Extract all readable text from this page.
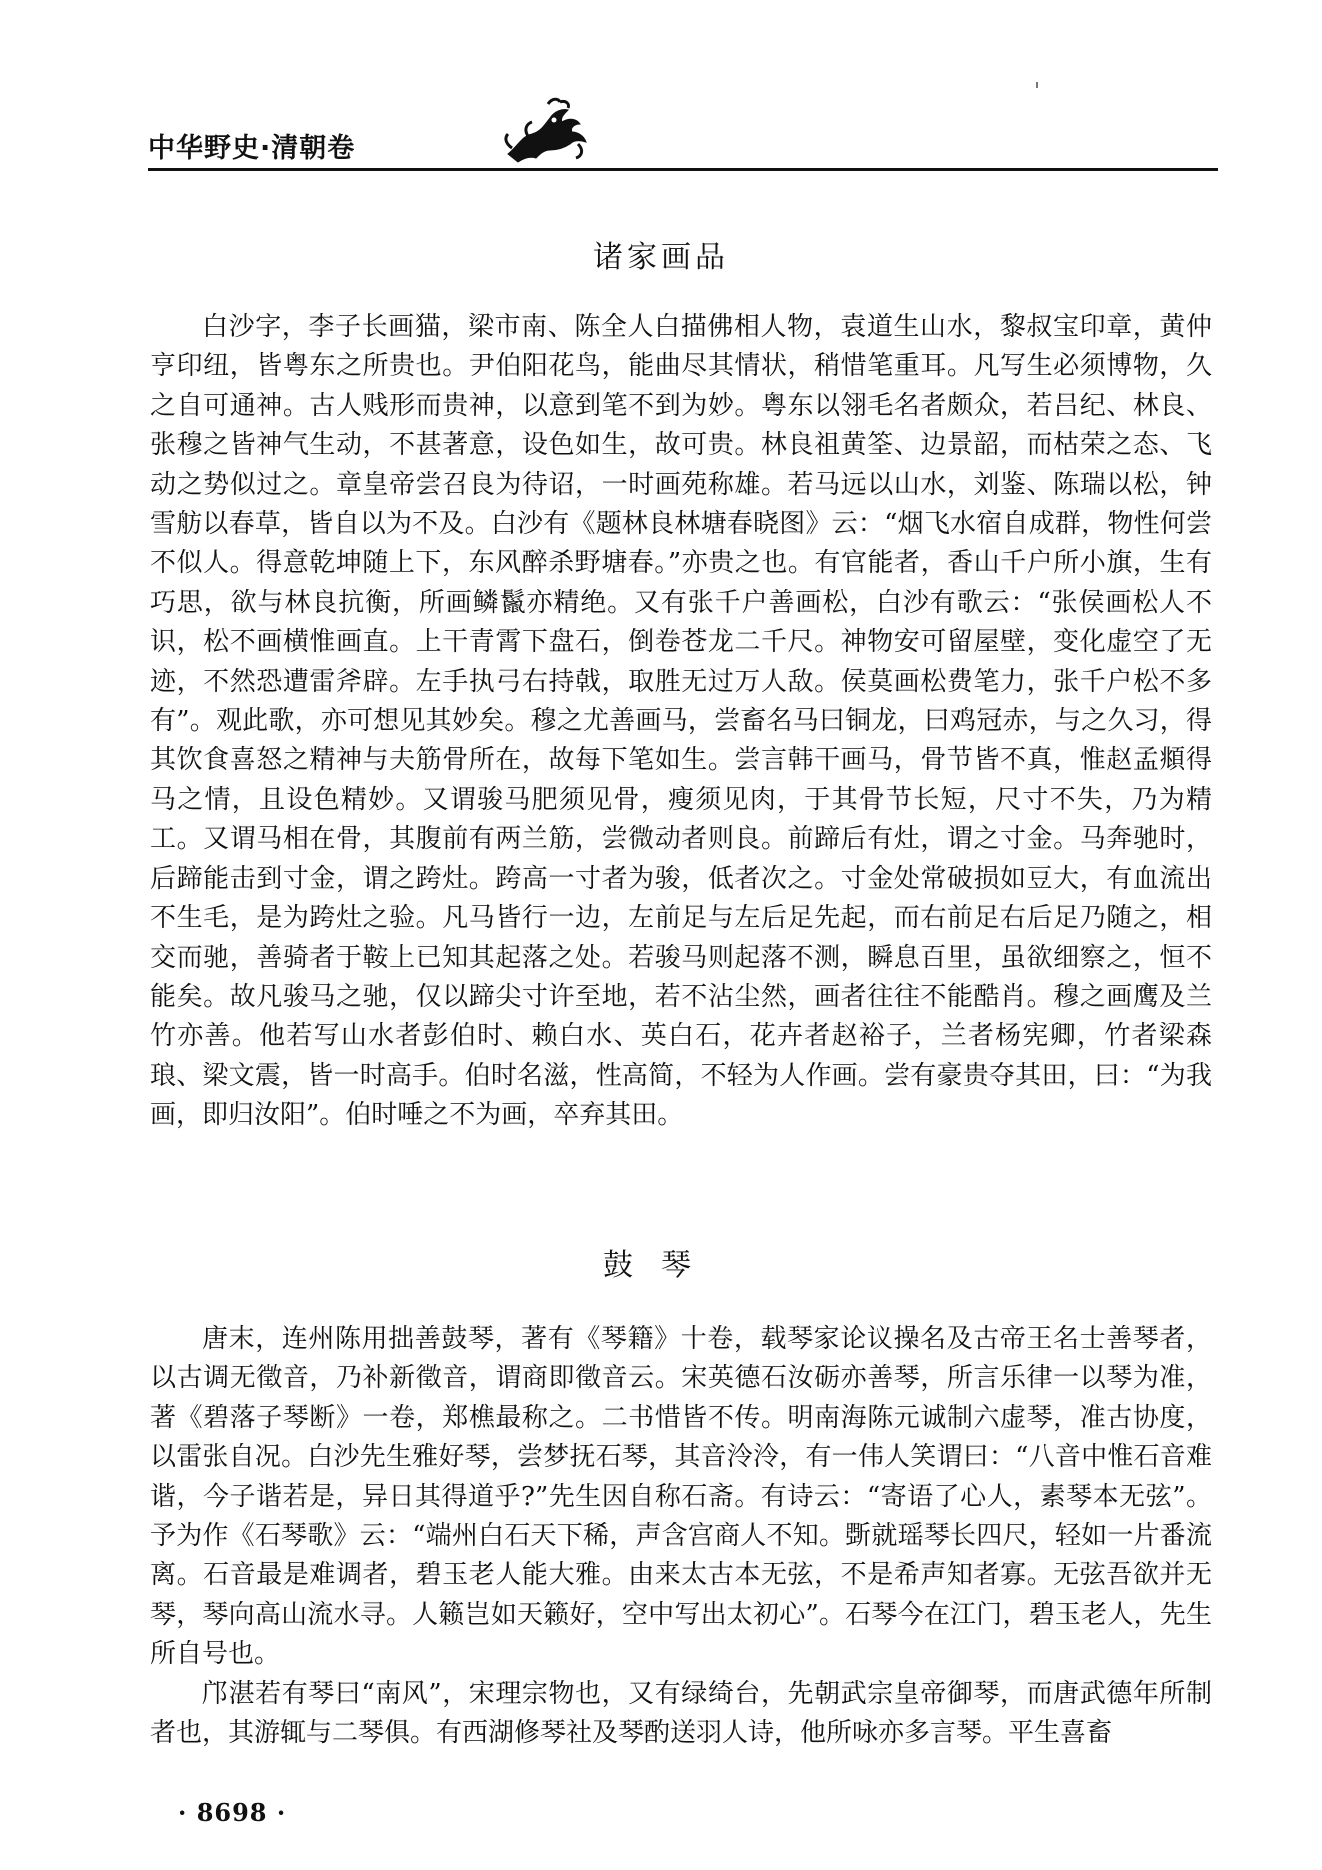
中华野史·清朝卷
诸家画品

白沙字，李子长画猫，梁市南、陈全人白描佛相人物，袁道生山水，黎叔宝印章，黄仲亨印纽，皆粤东之所贵也。尹伯阳花鸟，能曲尽其情状，稍惜笔重耳。凡写生必须博物，久之自可通神。古人贱形而贵神，以意到笔不到为妙。粤东以翎毛名者颇众，若吕纪、林良、张穆之皆神气生动，不甚著意，设色如生，故可贵。林良祖黄筌、边景韶，而枯荣之态、飞动之势似过之。章皇帝尝召良为待诏，一时画苑称雄。若马远以山水，刘鉴、陈瑞以松，钟雪舫以春草，皆自以为不及。白沙有《题林良林塘春晓图》云：“烟飞水宿自成群，物性何尝不似人。得意乾坤随上下，东风醉杀野塘春。”亦贵之也。有官能者，香山千户所小旗，生有巧思，欲与林良抗衡，所画鳞鬣亦精绝。又有张千户善画松，白沙有歌云：“张侯画松人不识，松不画横惟画直。上干青霄下盘石，倒卷苍龙二千尺。神物安可留屋壁，变化虚空了无迹，不然恐遭雷斧辟。左手执弓右持戟，取胜无过万人敌。侯莫画松费笔力，张千户松不多有”。观此歌，亦可想见其妙矣。穆之尤善画马，尝畜名马曰铜龙，曰鸡冠赤，与之久习，得其饮食喜怒之精神与夫筋骨所在，故每下笔如生。尝言韩干画马，骨节皆不真，惟赵孟頫得马之情，且设色精妙。又谓骏马肥须见骨，瘦须见肉，于其骨节长短，尺寸不失，乃为精工。又谓马相在骨，其腹前有两兰筋，尝微动者则良。前蹄后有灶，谓之寸金。马奔驰时，后蹄能击到寸金，谓之跨灶。跨高一寸者为骏，低者次之。寸金处常破损如豆大，有血流出不生毛，是为跨灶之验。凡马皆行一边，左前足与左后足先起，而右前足右后足乃随之，相交而驰，善骑者于鞍上已知其起落之处。若骏马则起落不测，瞬息百里，虽欲细察之，恒不能矣。故凡骏马之驰，仅以蹄尖寸许至地，若不沾尘然，画者往往不能酷肖。穆之画鹰及兰竹亦善。他若写山水者彭伯时、赖白水、英白石，花卉者赵裕子，兰者杨宪卿，竹者梁森琅、梁文震，皆一时高手。伯时名滋，性高简，不轻为人作画。尝有豪贵夺其田，曰：“为我画，即归汝阳”。伯时唾之不为画，卒弃其田。

鼓琴

唐末，连州陈用拙善鼓琴，著有《琴籍》十卷，载琴家论议操名及古帝王名士善琴者，以古调无徵音，乃补新徵音，谓商即徵音云。宋英德石汝砺亦善琴，所言乐律一以琴为准，著《碧落子琴断》一卷，郑樵最称之。二书惜皆不传。明南海陈元诚制六虚琴，准古协度，以雷张自况。白沙先生雅好琴，尝梦抚石琴，其音泠泠，有一伟人笑谓曰：“八音中惟石音难谐，今子谐若是，异日其得道乎?”先生因自称石斋。有诗云：“寄语了心人，素琴本无弦”。予为作《石琴歌》云：“端州白石天下稀，声含宫商人不知。斲就瑶琴长四尺，轻如一片番流离。石音最是难调者，碧玉老人能大雅。由来太古本无弦，不是希声知者寡。无弦吾欲并无琴，琴向高山流水寻。人籁岂如天籁好，空中写出太初心”。石琴今在江门，碧玉老人，先生所自号也。

邝湛若有琴曰“南风”，宋理宗物也，又有绿绮台，先朝武宗皇帝御琴，而唐武德年所制者也，其游辄与二琴俱。有西湖修琴社及琴酌送羽人诗，他所咏亦多言琴。平生喜畜

· 8698 ·
